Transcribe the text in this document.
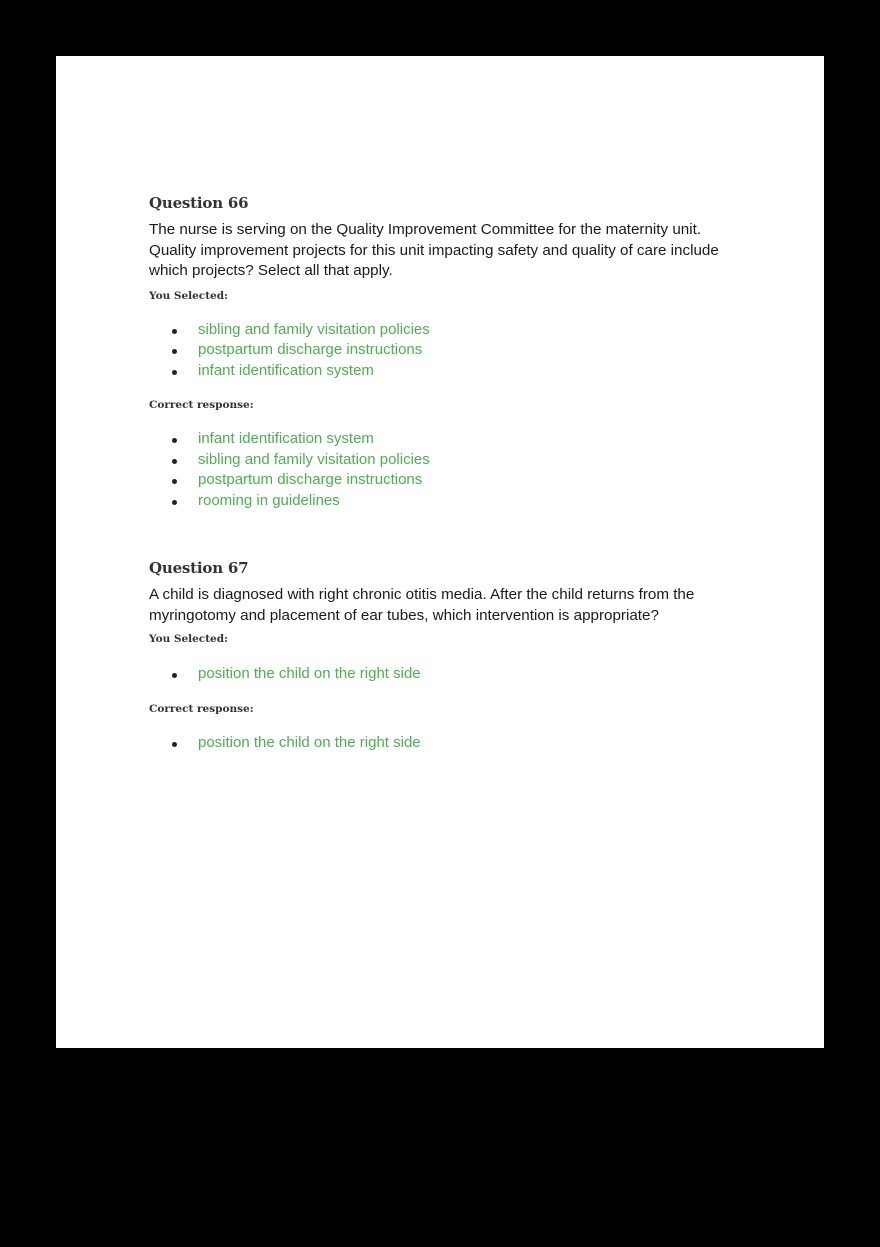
Question 66

The nurse is serving on the Quality Improvement Committee for the maternity unit. Quality improvement projects for this unit impacting safety and quality of care include which projects? Select all that apply.

You Selected:

sibling and family visitation policies
postpartum discharge instructions
infant identification system

Correct response:

infant identification system
sibling and family visitation policies
postpartum discharge instructions
rooming in guidelines
Question 67

A child is diagnosed with right chronic otitis media. After the child returns from the myringotomy and placement of ear tubes, which intervention is appropriate?

You Selected:

position the child on the right side

Correct response:

position the child on the right side
